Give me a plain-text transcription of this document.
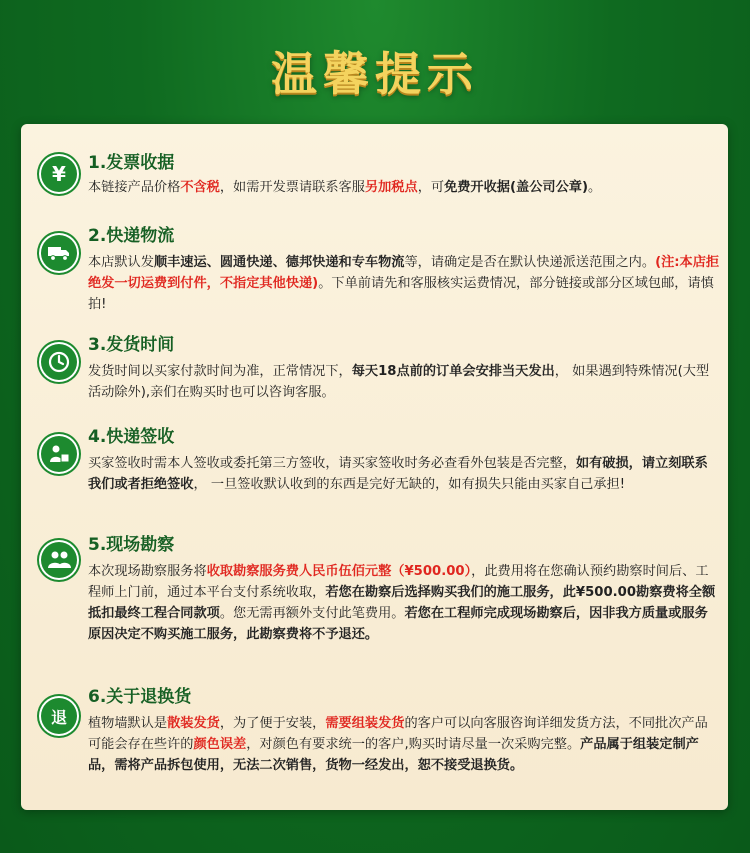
温馨提示
¥	1.发票收据
本链接产品价格不含税，如需开发票请联系客服另加税点，可免费开收据(盖公司公章)。
2.快递物流
本店默认发顺丰速运、圆通快递、德邦快递和专车物流等，请确定是否在默认快递派送范围之内。(注:本店拒绝发一切运费到付件，不指定其他快递)。下单前请先和客服核实运费情况，部分链接或部分区域包邮，请慎拍!
3.发货时间
发货时间以买家付款时间为准，正常情况下，每天18点前的订单会安排当天发出， 如果遇到特殊情况(大型活动除外),亲们在购买时也可以咨询客服。
4.快递签收
买家签收时需本人签收或委托第三方签收，请买家签收时务必查看外包装是否完整，如有破损，请立刻联系我们或者拒绝签收， 一旦签收默认收到的东西是完好无缺的，如有损失只能由买家自己承担!
5.现场勘察
本次现场勘察服务将收取勘察服务费人民币伍佰元整（¥500.00），此费用将在您确认预约勘察时间后、工程师上门前，通过本平台支付系统收取，若您在勘察后选择购买我们的施工服务，此¥500.00勘察费将全额抵扣最终工程合同款项。您无需再额外支付此笔费用。若您在工程师完成现场勘察后，因非我方质量或服务原因决定不购买施工服务，此勘察费将不予退还。
退
6.关于退换货
植物墙默认是散装发货，为了便于安装，需要组装发货的客户可以向客服咨询详细发货方法，不同批次产品可能会存在些许的颜色误差，对颜色有要求统一的客户,购买时请尽量一次采购完整。产品属于组装定制产品，需将产品拆包使用，无法二次销售，货物一经发出，恕不接受退换货。
